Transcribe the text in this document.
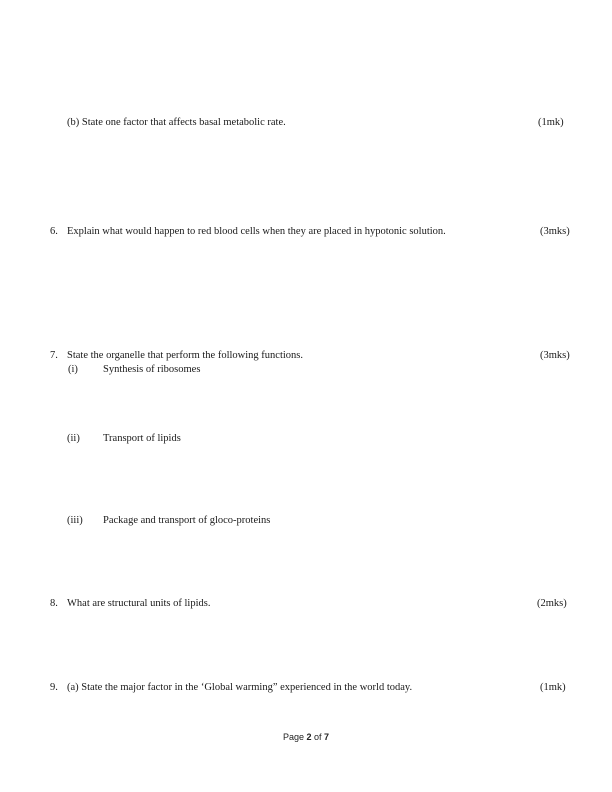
(b) State one factor that affects basal metabolic rate.	(1mk)
6. Explain what would happen to red blood cells when they are placed in hypotonic solution.	(3mks)
7. State the organelle that perform the following functions.	(3mks)
(i) Synthesis of ribosomes
(ii) Transport of lipids
(iii) Package and transport of gloco-proteins
8. What are structural units of lipids.	(2mks)
9. (a) State the major factor in the ‘Global warming” experienced in the world today.	(1mk)
Page 2 of 7
